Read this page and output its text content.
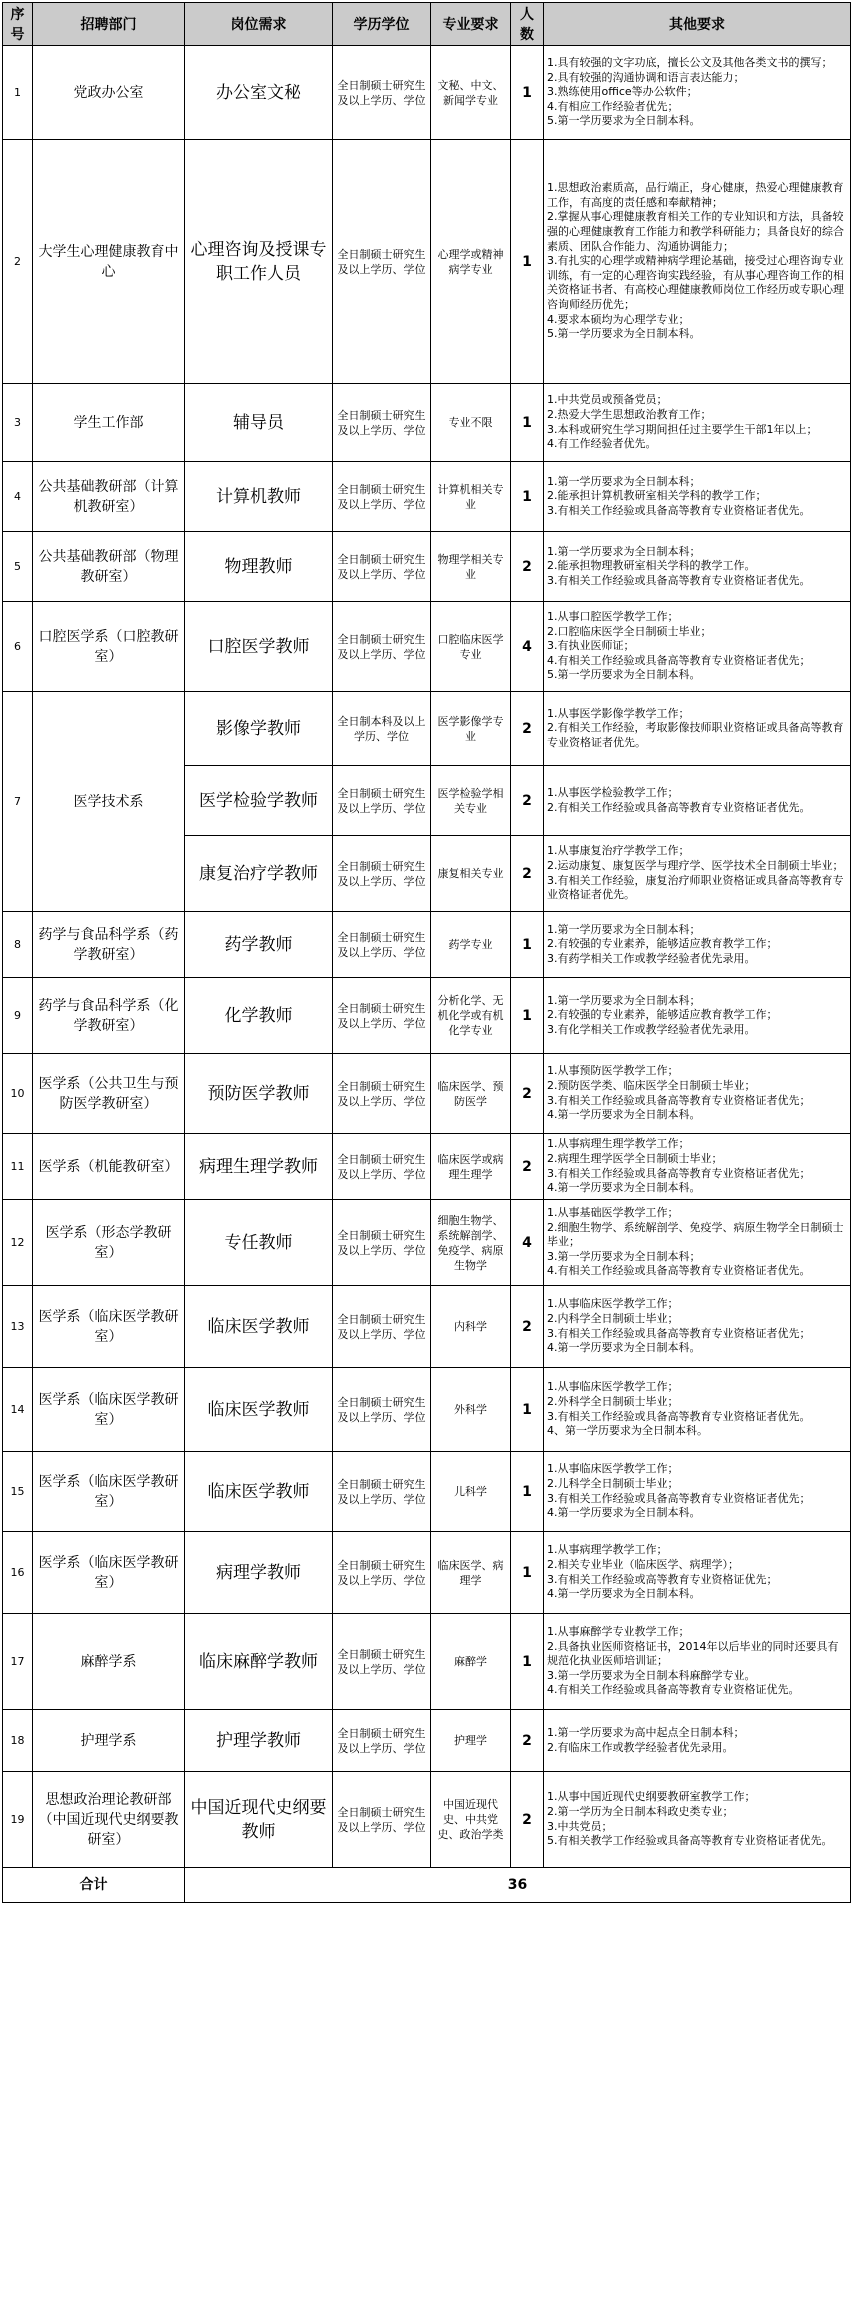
序号	招聘部门	岗位需求	学历学位	专业要求	人数	其他要求
1	党政办公室	办公室文秘	全日制硕士研究生及以上学历、学位	文秘、中文、新闻学专业	1	1.具有较强的文字功底，擅长公文及其他各类文书的撰写；
2.具有较强的沟通协调和语言表达能力；
3.熟练使用office等办公软件；
4.有相应工作经验者优先；
5.第一学历要求为全日制本科。
2	大学生心理健康教育中心	心理咨询及授课专职工作人员	全日制硕士研究生及以上学历、学位	心理学或精神病学专业	1	1.思想政治素质高，品行端正，身心健康，热爱心理健康教育工作，有高度的责任感和奉献精神；
2.掌握从事心理健康教育相关工作的专业知识和方法，具备较强的心理健康教育工作能力和教学科研能力；具备良好的综合素质、团队合作能力、沟通协调能力；
3.有扎实的心理学或精神病学理论基础，接受过心理咨询专业训练，有一定的心理咨询实践经验，有从事心理咨询工作的相关资格证书者、有高校心理健康教师岗位工作经历或专职心理咨询师经历优先；
4.要求本硕均为心理学专业；
5.第一学历要求为全日制本科。
3	学生工作部	辅导员	全日制硕士研究生及以上学历、学位	专业不限	1	1.中共党员或预备党员；
2.热爱大学生思想政治教育工作；
3.本科或研究生学习期间担任过主要学生干部1年以上；
4.有工作经验者优先。
4	公共基础教研部（计算机教研室）	计算机教师	全日制硕士研究生及以上学历、学位	计算机相关专业	1	1.第一学历要求为全日制本科；
2.能承担计算机教研室相关学科的教学工作；
3.有相关工作经验或具备高等教育专业资格证者优先。
5	公共基础教研部（物理教研室）	物理教师	全日制硕士研究生及以上学历、学位	物理学相关专业	2	1.第一学历要求为全日制本科；
2.能承担物理教研室相关学科的教学工作。
3.有相关工作经验或具备高等教育专业资格证者优先。
6	口腔医学系（口腔教研室）	口腔医学教师	全日制硕士研究生及以上学历、学位	口腔临床医学专业	4	1.从事口腔医学教学工作；
2.口腔临床医学全日制硕士毕业；
3.有执业医师证；
4.有相关工作经验或具备高等教育专业资格证者优先；
5.第一学历要求为全日制本科。
7	医学技术系	影像学教师	全日制本科及以上学历、学位	医学影像学专业	2	1.从事医学影像学教学工作；
2.有相关工作经验，考取影像技师职业资格证或具备高等教育专业资格证者优先。
		医学检验学教师	全日制硕士研究生及以上学历、学位	医学检验学相关专业	2	1.从事医学检验教学工作；
2.有相关工作经验或具备高等教育专业资格证者优先。
		康复治疗学教师	全日制硕士研究生及以上学历、学位	康复相关专业	2	1.从事康复治疗学教学工作；
2.运动康复、康复医学与理疗学、医学技术全日制硕士毕业；
3.有相关工作经验，康复治疗师职业资格证或具备高等教育专业资格证者优先。
8	药学与食品科学系（药学教研室）	药学教师	全日制硕士研究生及以上学历、学位	药学专业	1	1.第一学历要求为全日制本科；
2.有较强的专业素养，能够适应教育教学工作；
3.有药学相关工作或教学经验者优先录用。
9	药学与食品科学系（化学教研室）	化学教师	全日制硕士研究生及以上学历、学位	分析化学、无机化学或有机化学专业	1	1.第一学历要求为全日制本科；
2.有较强的专业素养，能够适应教育教学工作；
3.有化学相关工作或教学经验者优先录用。
10	医学系（公共卫生与预防医学教研室）	预防医学教师	全日制硕士研究生及以上学历、学位	临床医学、预防医学	2	1.从事预防医学教学工作；
2.预防医学类、临床医学全日制硕士毕业；
3.有相关工作经验或具备高等教育专业资格证者优先；
4.第一学历要求为全日制本科。
11	医学系（机能教研室）	病理生理学教师	全日制硕士研究生及以上学历、学位	临床医学或病理生理学	2	1.从事病理生理学教学工作；
2.病理生理学医学全日制硕士毕业；
3.有相关工作经验或具备高等教育专业资格证者优先；
4.第一学历要求为全日制本科。
12	医学系（形态学教研室）	专任教师	全日制硕士研究生及以上学历、学位	细胞生物学、系统解剖学、免疫学、病原生物学	4	1.从事基础医学教学工作；
2.细胞生物学、系统解剖学、免疫学、病原生物学全日制硕士毕业；
3.第一学历要求为全日制本科；
4.有相关工作经验或具备高等教育专业资格证者优先。
13	医学系（临床医学教研室）	临床医学教师	全日制硕士研究生及以上学历、学位	内科学	2	1.从事临床医学教学工作；
2.内科学全日制硕士毕业；
3.有相关工作经验或具备高等教育专业资格证者优先；
4.第一学历要求为全日制本科。
14	医学系（临床医学教研室）	临床医学教师	全日制硕士研究生及以上学历、学位	外科学	1	1.从事临床医学教学工作；
2.外科学全日制硕士毕业；
3.有相关工作经验或具备高等教育专业资格证者优先。
4、第一学历要求为全日制本科。
15	医学系（临床医学教研室）	临床医学教师	全日制硕士研究生及以上学历、学位	儿科学	1	1.从事临床医学教学工作；
2.儿科学全日制硕士毕业；
3.有相关工作经验或具备高等教育专业资格证者优先；
4.第一学历要求为全日制本科。
16	医学系（临床医学教研室）	病理学教师	全日制硕士研究生及以上学历、学位	临床医学、病理学	1	1.从事病理学教学工作；
2.相关专业毕业（临床医学、病理学）；
3.有相关工作经验或高等教育专业资格证优先；
4.第一学历要求为全日制本科。
17	麻醉学系	临床麻醉学教师	全日制硕士研究生及以上学历、学位	麻醉学	1	1.从事麻醉学专业教学工作；
2.具备执业医师资格证书，2014年以后毕业的同时还要具有规范化执业医师培训证；
3.第一学历要求为全日制本科麻醉学专业。
4.有相关工作经验或具备高等教育专业资格证优先。
18	护理学系	护理学教师	全日制硕士研究生及以上学历、学位	护理学	2	1.第一学历要求为高中起点全日制本科；
2.有临床工作或教学经验者优先录用。
19	思想政治理论教研部（中国近现代史纲要教研室）	中国近现代史纲要教师	全日制硕士研究生及以上学历、学位	中国近现代史、中共党史、政治学类	2	1.从事中国近现代史纲要教研室教学工作；
2.第一学历为全日制本科政史类专业；
3.中共党员；
5.有相关教学工作经验或具备高等教育专业资格证者优先。
合计		36				
